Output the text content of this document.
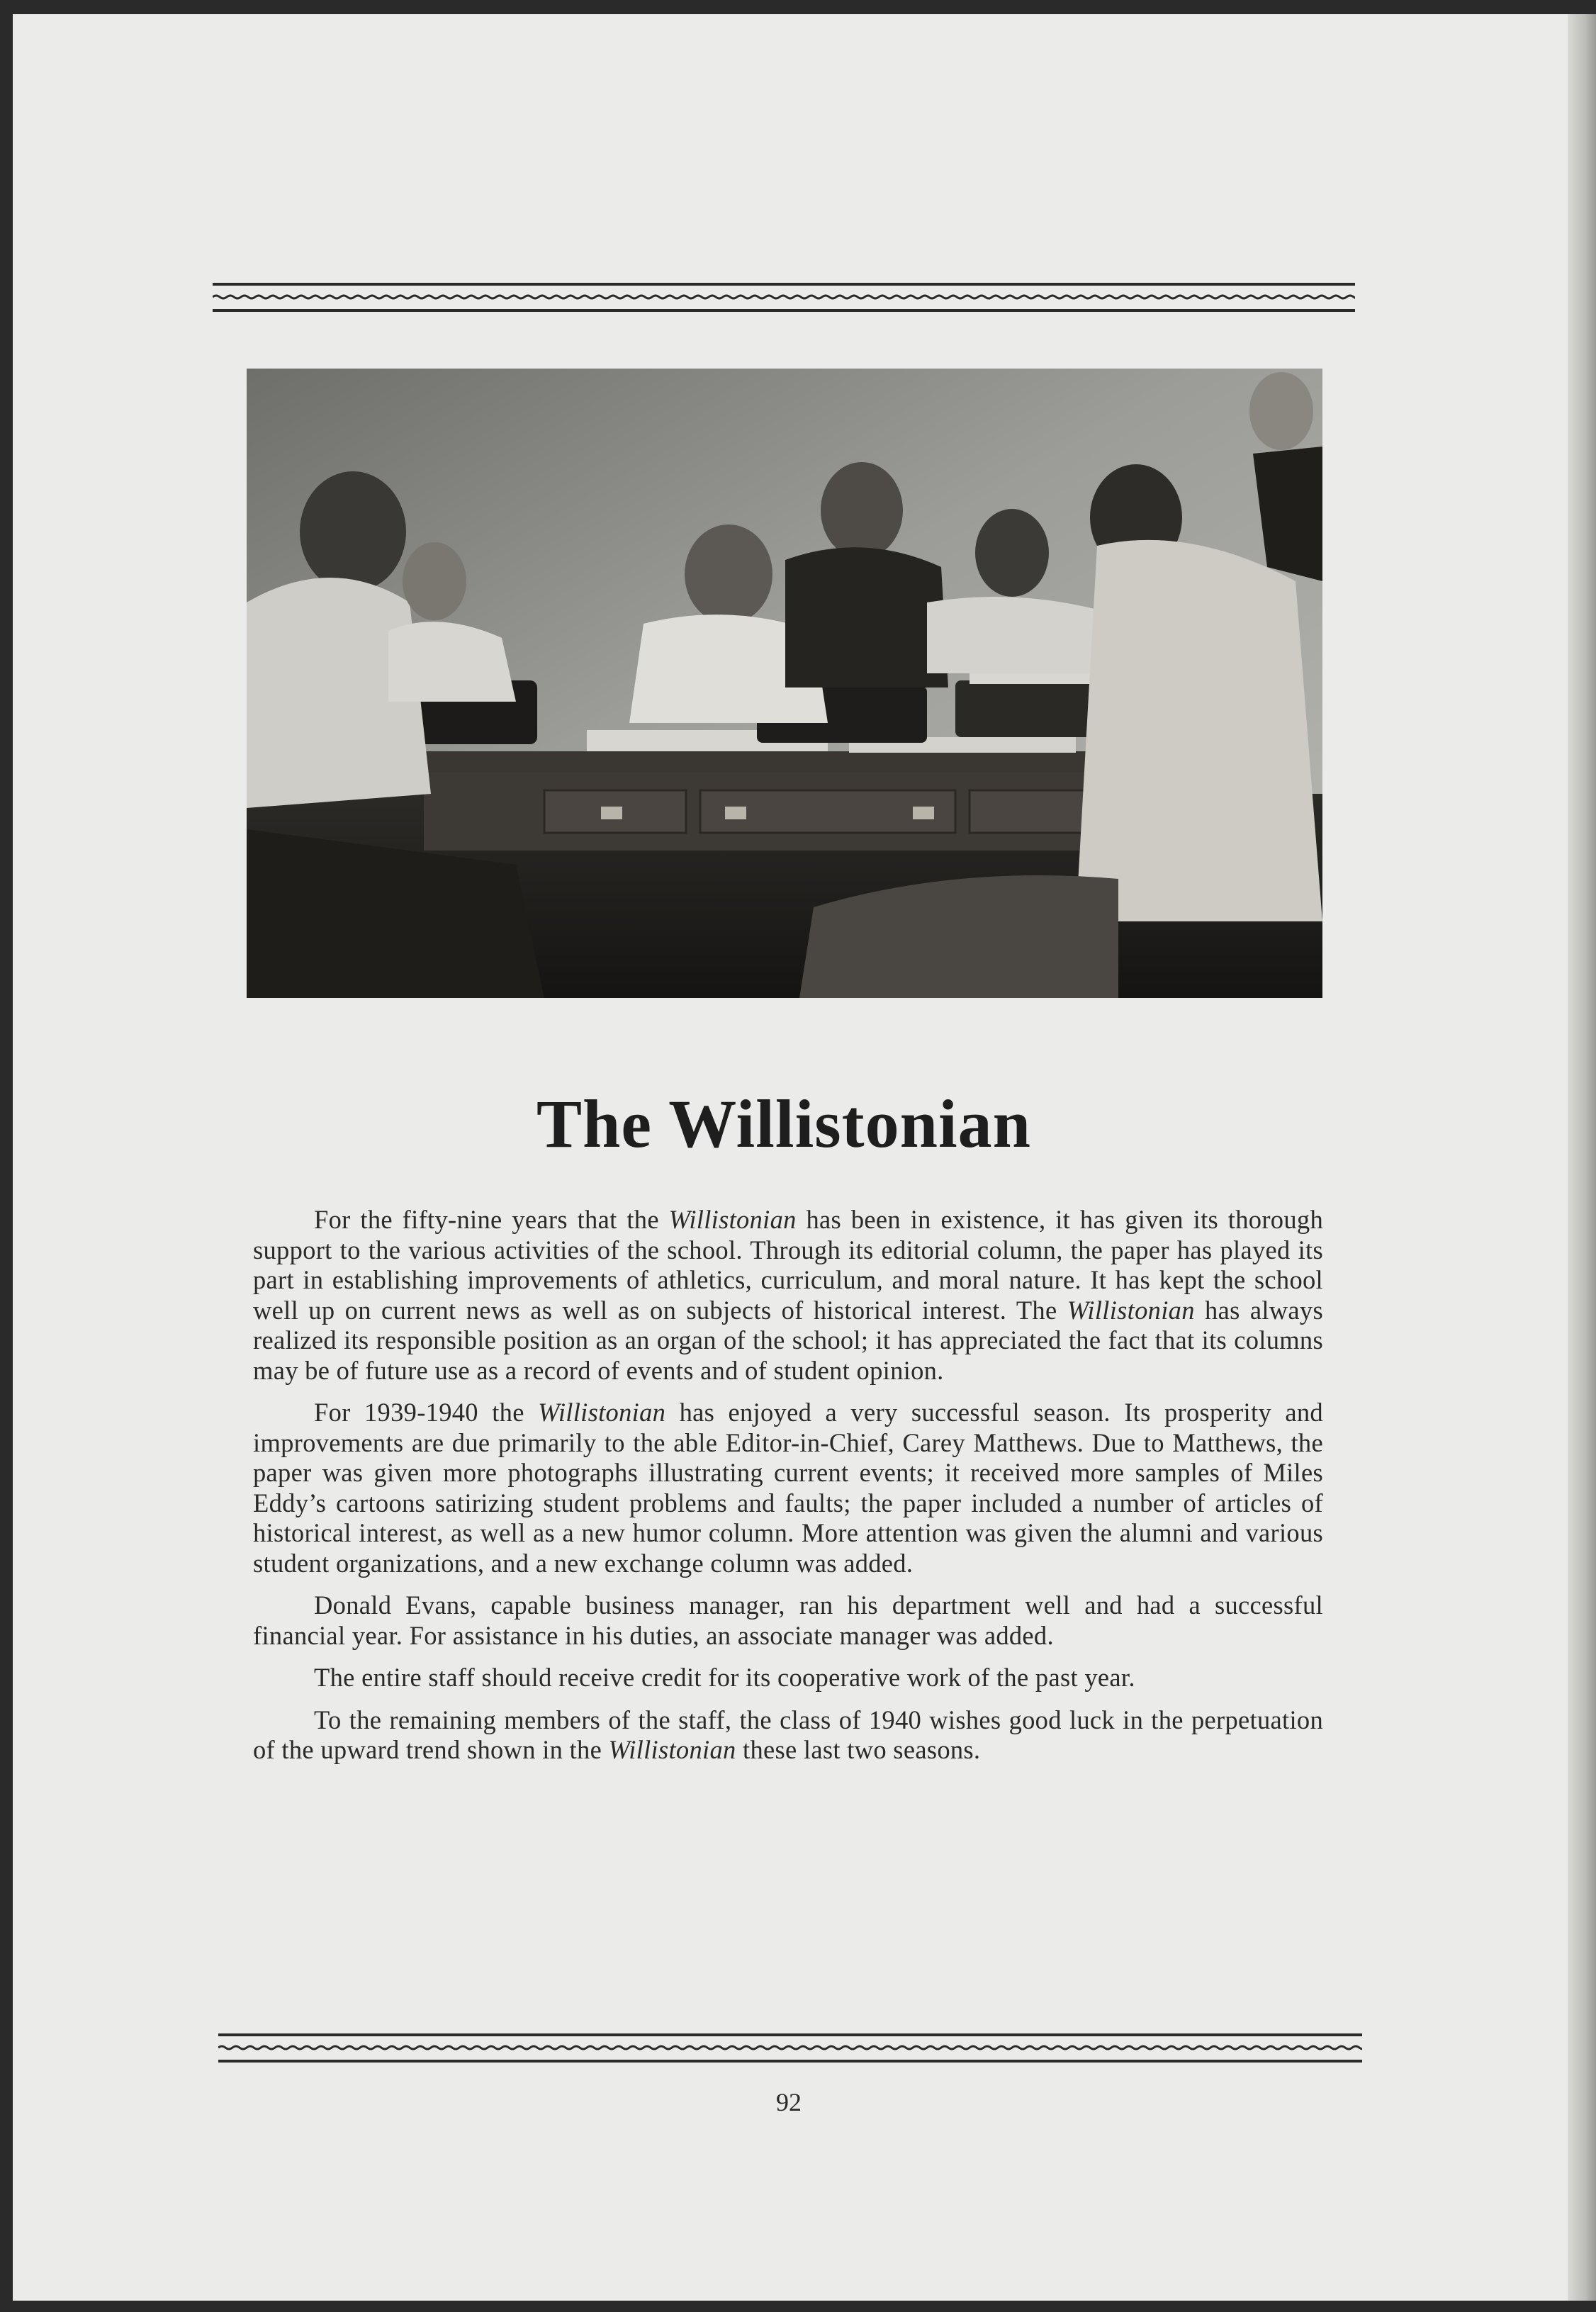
The Willistonian

For the fifty-nine years that the Willistonian has been in existence, it has given its thorough support to the various activities of the school. Through its editorial column, the paper has played its part in establishing improvements of athletics, curriculum, and moral nature. It has kept the school well up on current news as well as on subjects of historical interest. The Willistonian has always realized its responsible position as an organ of the school; it has appreciated the fact that its columns may be of future use as a record of events and of student opinion.

For 1939-1940 the Willistonian has enjoyed a very successful season. Its prosperity and improvements are due primarily to the able Editor-in-Chief, Carey Matthews. Due to Matthews, the paper was given more photographs illustrating current events; it received more samples of Miles Eddy’s cartoons satirizing student problems and faults; the paper included a number of articles of historical interest, as well as a new humor column. More attention was given the alumni and various student organizations, and a new exchange column was added.

Donald Evans, capable business manager, ran his department well and had a successful financial year. For assistance in his duties, an associate manager was added.

The entire staff should receive credit for its cooperative work of the past year.

To the remaining members of the staff, the class of 1940 wishes good luck in the perpetuation of the upward trend shown in the Willistonian these last two seasons.

92
